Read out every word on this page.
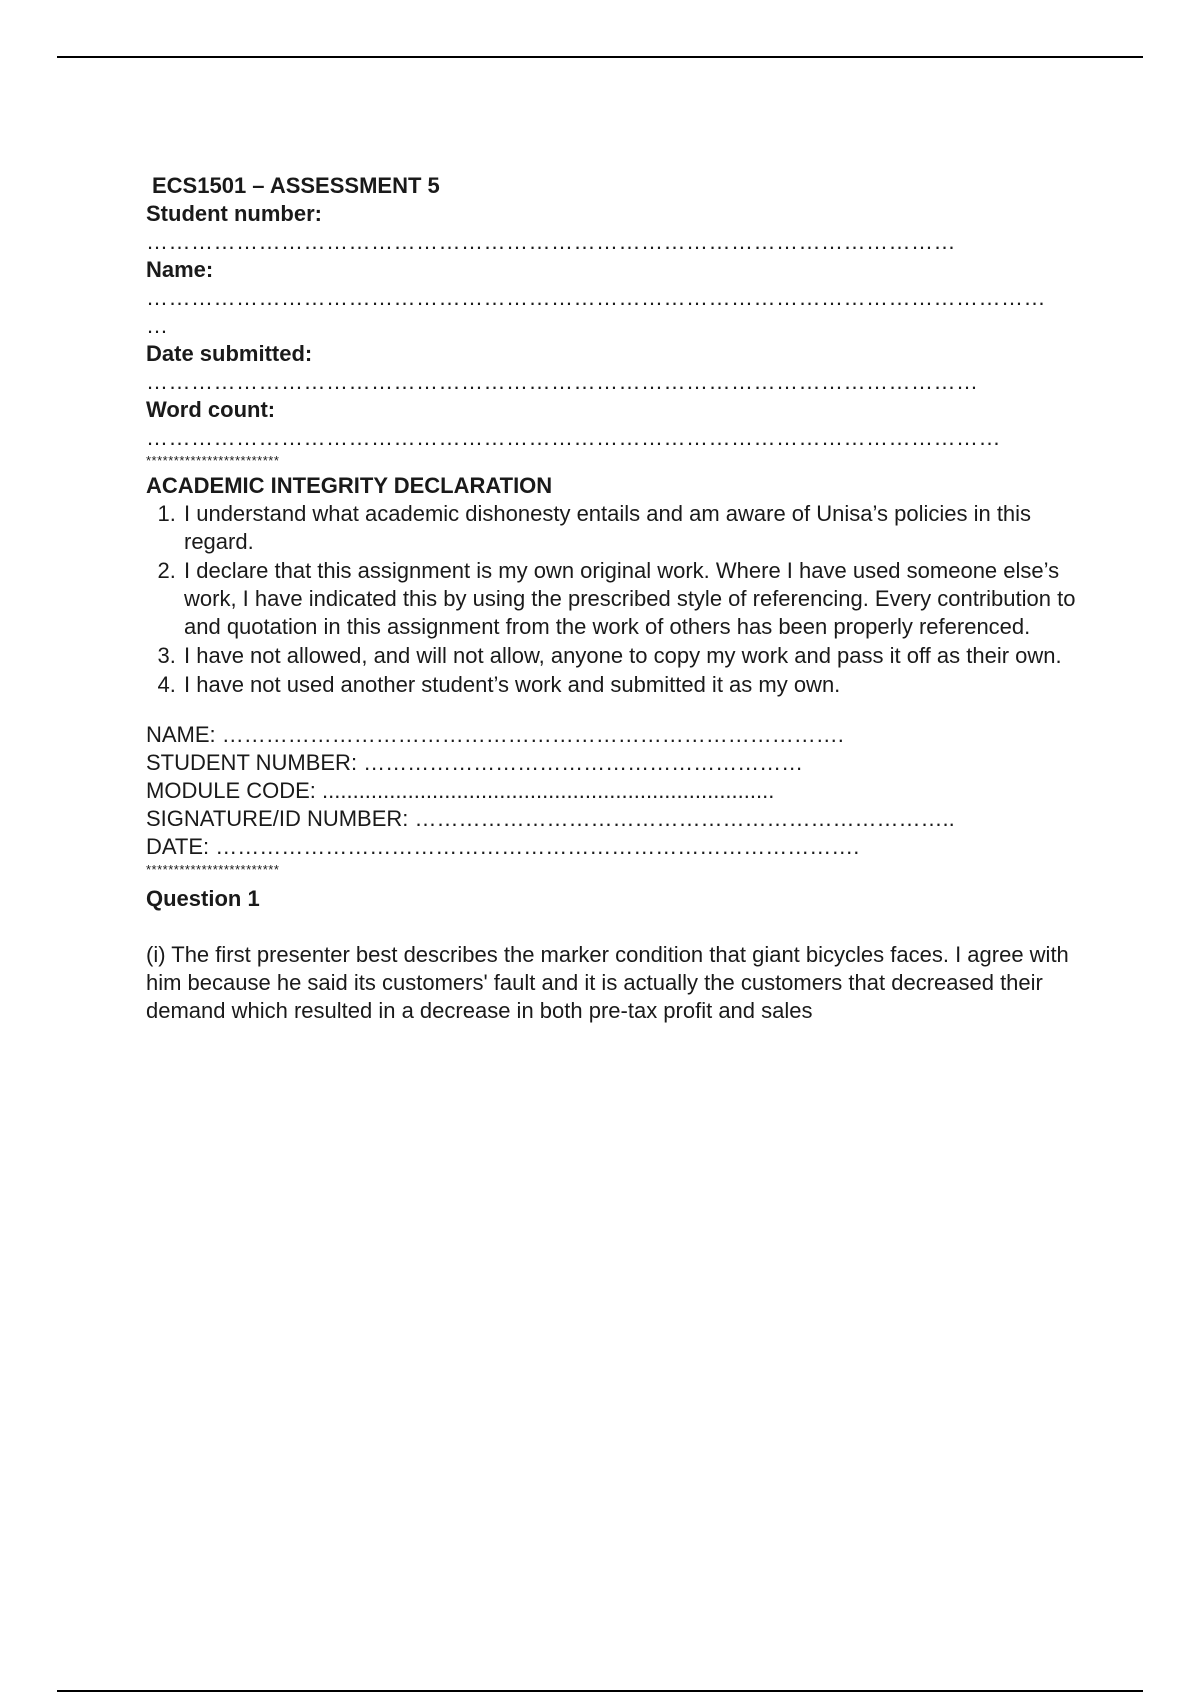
ECS1501 – ASSESSMENT 5

Student number:

………………………………………………………………………………………………

Name:

…………………………………………………………………………………………………………

…

Date submitted:

…………………………………………………………………………………………………

Word count:

……………………………………………………………………………………………………

************************

ACADEMIC INTEGRITY DECLARATION

1. I understand what academic dishonesty entails and am aware of Unisa’s policies in this regard.
2. I declare that this assignment is my own original work. Where I have used someone else’s work, I have indicated this by using the prescribed style of referencing. Every contribution to and quotation in this assignment from the work of others has been properly referenced.
3. I have not allowed, and will not allow, anyone to copy my work and pass it off as their own.
4. I have not used another student’s work and submitted it as my own.

NAME: ………………………………………………………………………….

STUDENT NUMBER: ……………………………………………………

MODULE CODE: ..........................................................................

SIGNATURE/ID NUMBER: ………………………………………………………………..

DATE: …………………………………………………………………………….

************************

Question 1

(i) The first presenter best describes the marker condition that giant bicycles faces. I agree with him because he said its customers' fault and it is actually the customers that decreased their demand which resulted in a decrease in both pre-tax profit and sales
